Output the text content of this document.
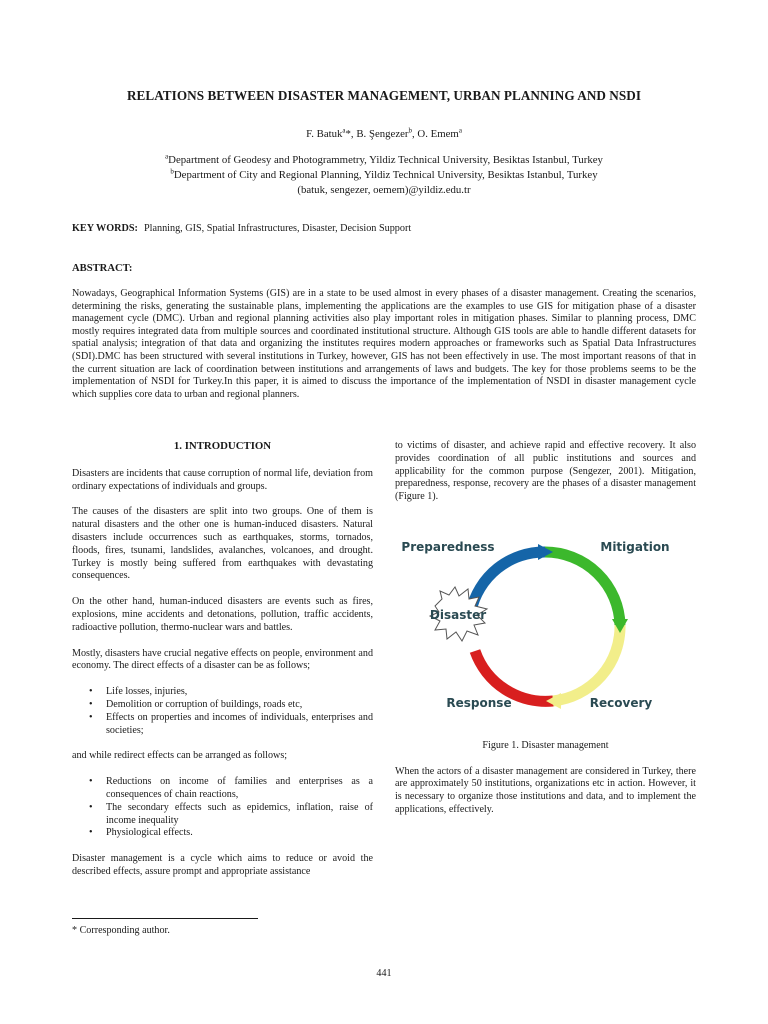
RELATIONS BETWEEN DISASTER MANAGEMENT, URBAN PLANNING AND NSDI
F. Batuk$^a$*, B. Şengezer$^b$, O. Emem$^a$
$^a$Department of Geodesy and Photogrammetry, Yildiz Technical University, Besiktas Istanbul, Turkey
$^b$Department of City and Regional Planning, Yildiz Technical University, Besiktas Istanbul, Turkey
(batuk, sengezer, oemem)@yildiz.edu.tr
KEY WORDS: Planning, GIS, Spatial Infrastructures, Disaster, Decision Support
ABSTRACT:

Nowadays, Geographical Information Systems (GIS) are in a state to be used almost in every phases of a disaster management. Creating the scenarios, determining the risks, generating the sustainable plans, implementing the applications are the examples to use GIS for mitigation phase of a disaster management cycle (DMC). Urban and regional planning activities also play important roles in mitigation phases. Similar to planning process, DMC mostly requires integrated data from multiple sources and coordinated institutional structure. Although GIS tools are able to handle different datasets for spatial analysis; integration of that data and organizing the institutes requires modern approaches or frameworks such as Spatial Data Infrastructures (SDI).DMC has been structured with several institutions in Turkey, however, GIS has not been effectively in use. The most important reasons of that in the current situation are lack of coordination between institutions and arrangements of laws and budgets. The key for those problems seems to be the implementation of NSDI for Turkey.In this paper, it is aimed to discuss the importance of the implementation of NSDI in disaster management cycle which supplies core data to urban and regional planners.

1. INTRODUCTION

Disasters are incidents that cause corruption of normal life, deviation from ordinary expectations of individuals and groups.

The causes of the disasters are split into two groups. One of them is natural disasters and the other one is human-induced disasters. Natural disasters include occurrences such as earthquakes, storms, tornados, floods, fires, tsunami, landslides, avalanches, volcanoes, and drought. Turkey is mostly being suffered from earthquakes with devastating consequences.

On the other hand, human-induced disasters are events such as fires, explosions, mine accidents and detonations, pollution, traffic accidents, radioactive pollution, thermo-nuclear wars and battles.

Mostly, disasters have crucial negative effects on people, environment and economy. The direct effects of a disaster can be as follows;

• Life losses, injuries,
• Demolition or corruption of buildings, roads etc,
• Effects on properties and incomes of individuals, enterprises and societies;

and while redirect effects can be arranged as follows;

• Reductions on income of families and enterprises as a consequences of chain reactions,
• The secondary effects such as epidemics, inflation, raise of income inequality
• Physiological effects.

Disaster management is a cycle which aims to reduce or avoid the described effects, assure prompt and appropriate assistance

to victims of disaster, and achieve rapid and effective recovery. It also provides coordination of all public institutions and sources and applicability for the common purpose (Sengezer, 2001). Mitigation, preparedness, response, recovery are the phases of a disaster management (Figure 1).

Disaster
Preparedness	Mitigation
Response	Recovery
Figure 1. Disaster management

When the actors of a disaster management are considered in Turkey, there are approximately 50 institutions, organizations etc in action. However, it is necessary to organize those institutions and data, and to implement the applications, effectively.

* Corresponding author.
441
